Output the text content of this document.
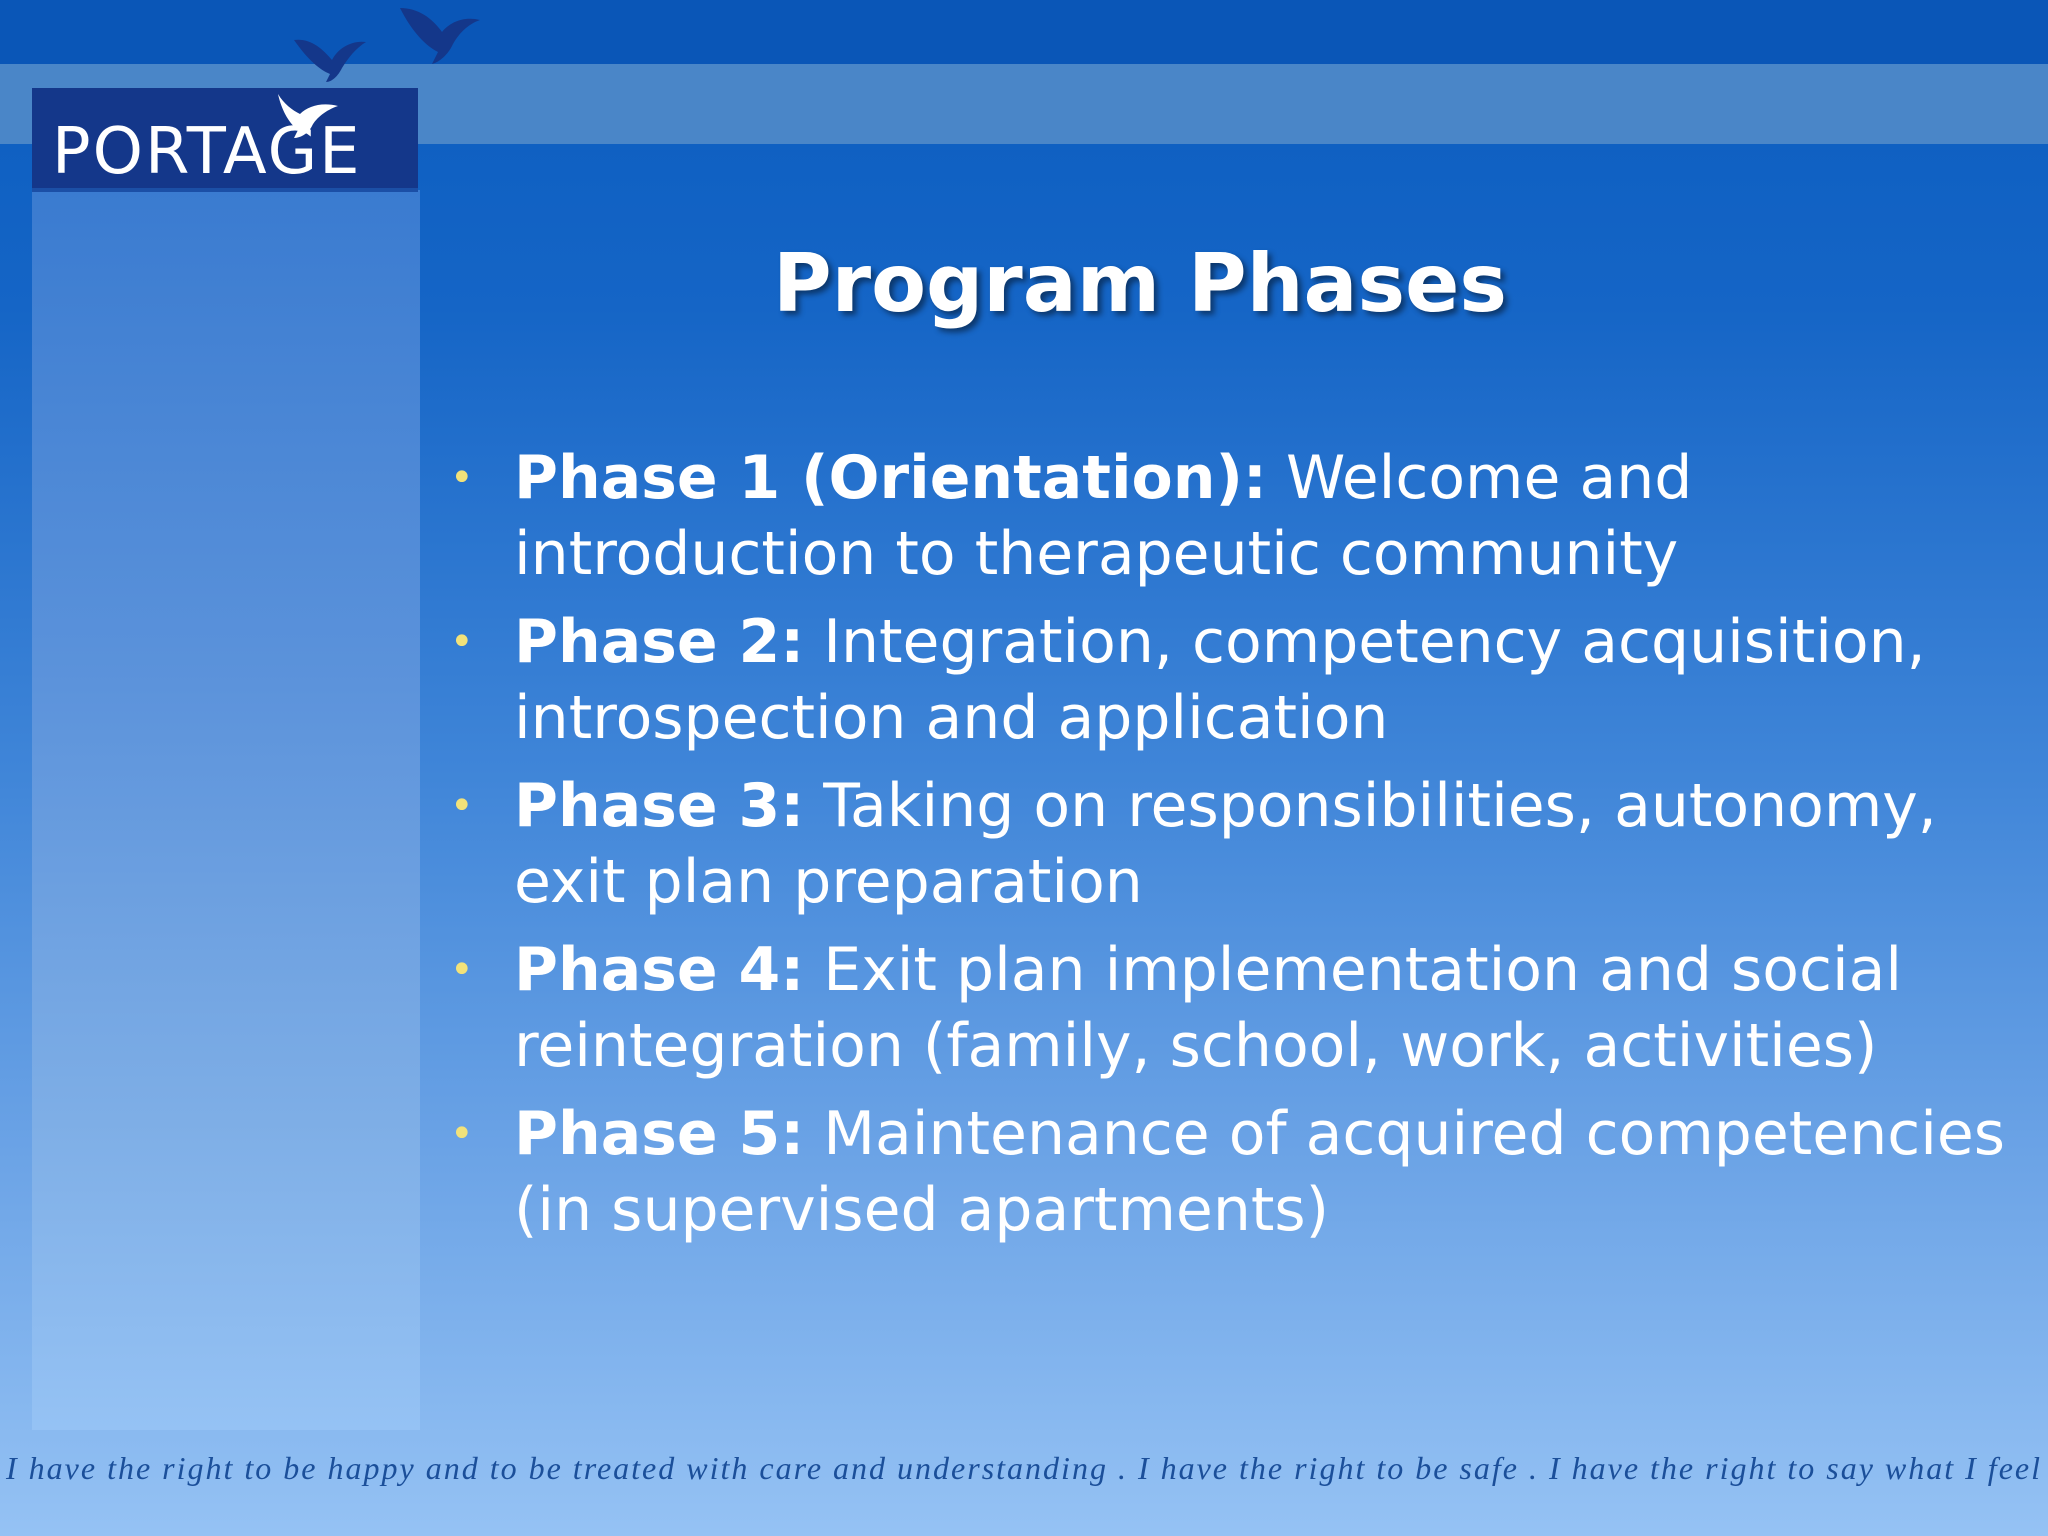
PORTAGE
Program Phases
• Phase 1 (Orientation): Welcome and introduction to therapeutic community
• Phase 2: Integration, competency acquisition, introspection and application
• Phase 3: Taking on responsibilities, autonomy, exit plan preparation
• Phase 4: Exit plan implementation and social reintegration (family, school, work, activities)
• Phase 5: Maintenance of acquired competencies (in supervised apartments)
I have the right to be happy and to be treated with care and understanding . I have the right to be safe . I have the right to say what I feel
